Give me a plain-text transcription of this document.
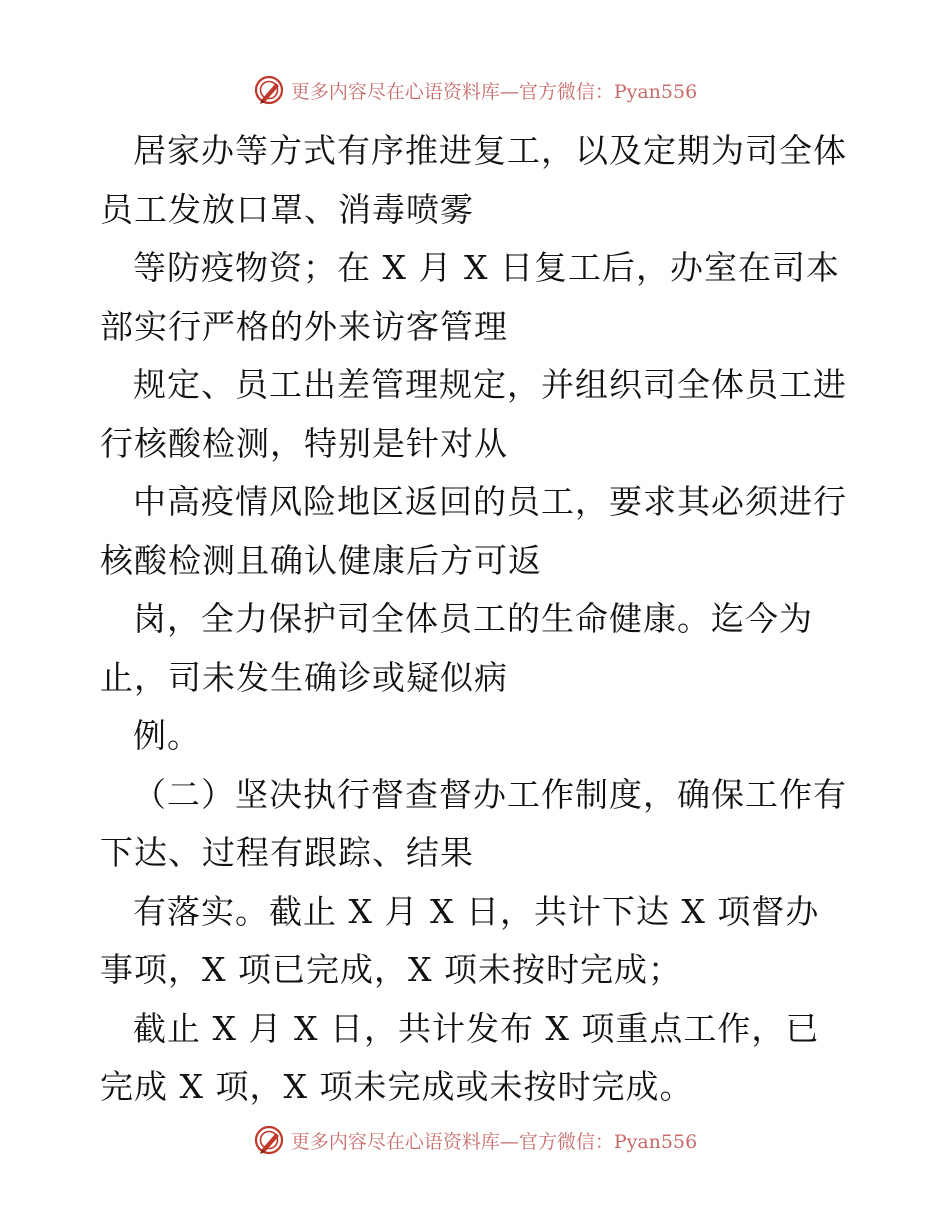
更多内容尽在心语资料库—官方微信：Pyan556
居家办等方式有序推进复工，以及定期为司全体
员工发放口罩、消毒喷雾
等防疫物资；在 X 月 X 日复工后，办室在司本
部实行严格的外来访客管理
规定、员工出差管理规定，并组织司全体员工进
行核酸检测，特别是针对从
中高疫情风险地区返回的员工，要求其必须进行
核酸检测且确认健康后方可返
岗，全力保护司全体员工的生命健康。迄今为
止，司未发生确诊或疑似病
例。
（二）坚决执行督查督办工作制度，确保工作有
下达、过程有跟踪、结果
有落实。截止 X 月 X 日，共计下达 X 项督办
事项，X 项已完成，X 项未按时完成；
截止 X 月 X 日，共计发布 X 项重点工作，已
完成 X 项，X 项未完成或未按时完成。
更多内容尽在心语资料库—官方微信：Pyan556
